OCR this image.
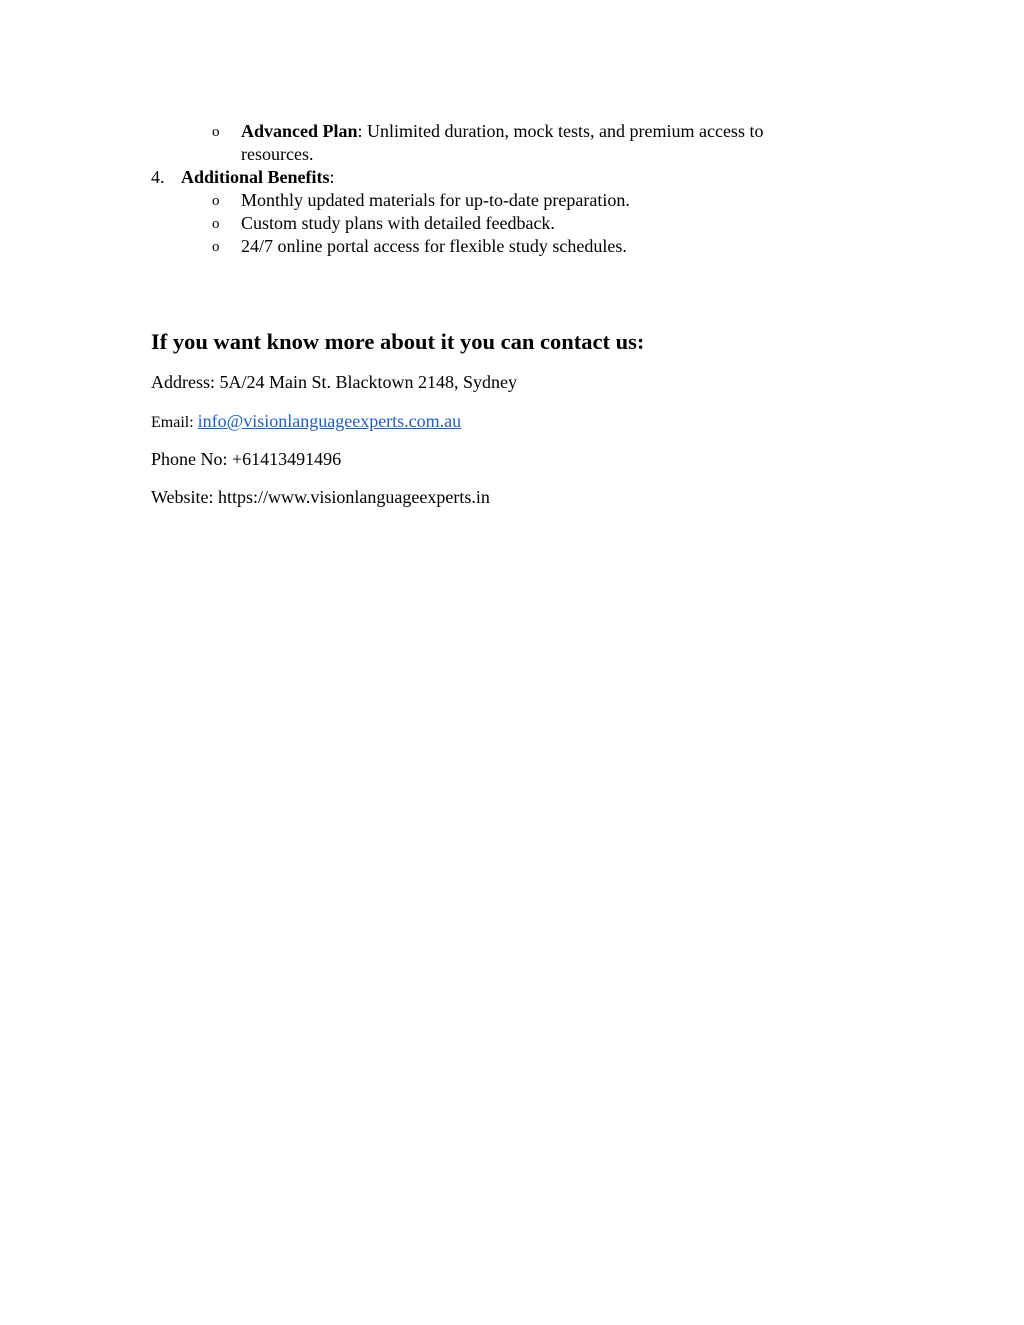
o Advanced Plan: Unlimited duration, mock tests, and premium access to
resources.
4. Additional Benefits:
o Monthly updated materials for up-to-date preparation.
o Custom study plans with detailed feedback.
o 24/7 online portal access for flexible study schedules.
If you want know more about it you can contact us:
Address: 5A/24 Main St. Blacktown 2148, Sydney
Email: info@visionlanguageexperts.com.au
Phone No: +61413491496
Website: https://www.visionlanguageexperts.in
